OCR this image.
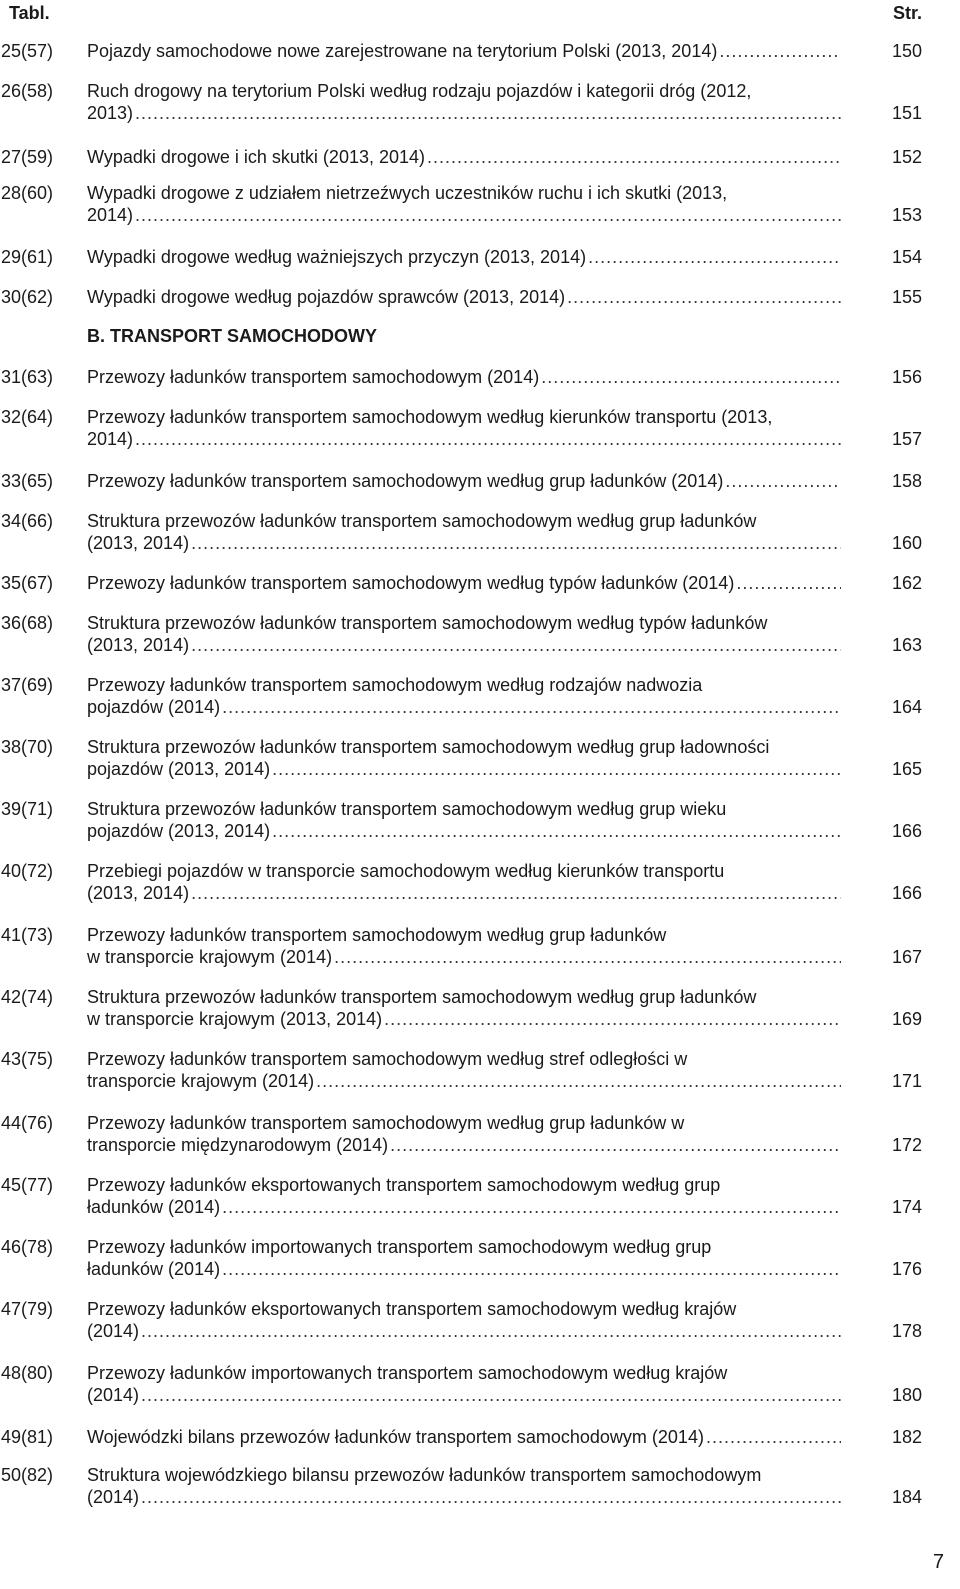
Tabl.	Str.
25(57) Pojazdy samochodowe nowe zarejestrowane na terytorium Polski (2013, 2014) .....	150
26(58) Ruch drogowy na terytorium Polski według rodzaju pojazdów i kategorii dróg (2012,
2013) .....	151
27(59) Wypadki drogowe i ich skutki (2013, 2014) .....	152
28(60) Wypadki drogowe z udziałem nietrzeźwych uczestników ruchu i ich skutki (2013,
2014) .....	153
29(61) Wypadki drogowe według ważniejszych przyczyn (2013, 2014) .....	154
30(62) Wypadki drogowe według pojazdów sprawców (2013, 2014) .....	155
31(63) Przewozy ładunków transportem samochodowym (2014) .....	156
32(64) Przewozy ładunków transportem samochodowym według kierunków transportu (2013,
2014) .....	157
33(65) Przewozy ładunków transportem samochodowym według grup ładunków (2014) .....	158
34(66) Struktura przewozów ładunków transportem samochodowym według grup ładunków
(2013, 2014) .....	160
35(67) Przewozy ładunków transportem samochodowym według typów ładunków (2014) .....	162
36(68) Struktura przewozów ładunków transportem samochodowym według typów ładunków
(2013, 2014) .....	163
37(69) Przewozy ładunków transportem samochodowym według rodzajów nadwozia
pojazdów (2014) .....	164
38(70) Struktura przewozów ładunków transportem samochodowym według grup ładowności
pojazdów (2013, 2014) .....	165
39(71) Struktura przewozów ładunków transportem samochodowym według grup wieku
pojazdów (2013, 2014) .....	166
40(72) Przebiegi pojazdów w transporcie samochodowym według kierunków transportu
(2013, 2014) .....	166
41(73) Przewozy ładunków transportem samochodowym według grup ładunków
w transporcie krajowym (2014) .....	167
42(74) Struktura przewozów ładunków transportem samochodowym według grup ładunków
w transporcie krajowym (2013, 2014) .....	169
43(75) Przewozy ładunków transportem samochodowym według stref odległości w
transporcie krajowym (2014) .....	171
44(76) Przewozy ładunków transportem samochodowym według grup ładunków w
transporcie międzynarodowym (2014) .....	172
45(77) Przewozy ładunków eksportowanych transportem samochodowym według grup
ładunków (2014) .....	174
46(78) Przewozy ładunków importowanych transportem samochodowym według grup
ładunków (2014) .....	176
47(79) Przewozy ładunków eksportowanych transportem samochodowym według krajów
(2014) .....	178
48(80) Przewozy ładunków importowanych transportem samochodowym według krajów
(2014) .....	180
49(81) Wojewódzki bilans przewozów ładunków transportem samochodowym (2014) .....	182
50(82) Struktura wojewódzkiego bilansu przewozów ładunków transportem samochodowym
(2014) .....	184
B. TRANSPORT SAMOCHODOWY
7
